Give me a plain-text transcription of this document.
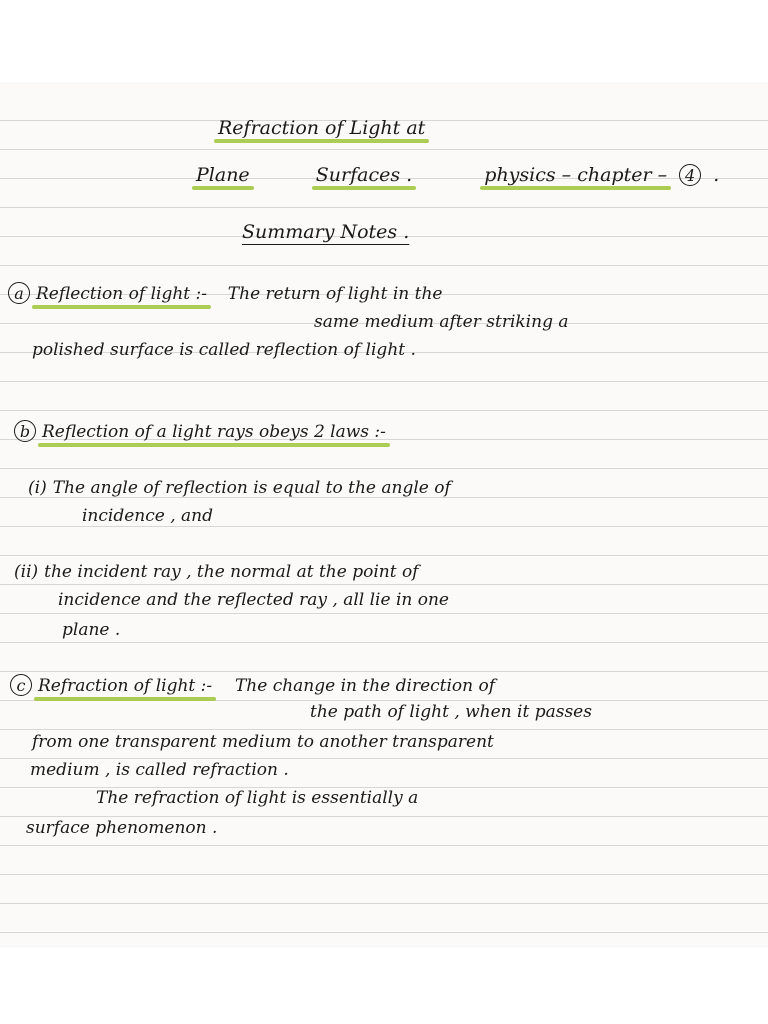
Refraction of Light at
Plane	Surfaces .	physics – chapter – 4 .
Summary Notes .
a Reflection of light :- The return of light in the
same medium after striking a
polished surface is called reflection of light .
b Reflection of a light rays obeys 2 laws :-
(i) The angle of reflection is equal to the angle of
incidence , and
(ii) the incident ray , the normal at the point of
incidence and the reflected ray , all lie in one
plane .
c Refraction of light :- The change in the direction of
the path of light , when it passes
from one transparent medium to another transparent
medium , is called refraction .
The refraction of light is essentially a
surface phenomenon .
